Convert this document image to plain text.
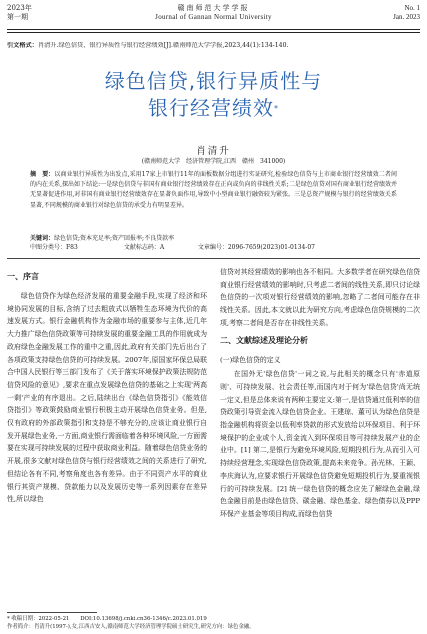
2023年
第一期
赣南师范大学学报
Journal of Gannan Normal University
No. 1
Jan. 2023
引文格式：肖清升.绿色信贷、银行异质性与银行经营绩效[J].赣南师范大学学报,2023,44(1):134-140.
绿色信贷,银行异质性与
银行经营绩效*
肖清升
(赣南师范大学　经济管理学院,江西　赣州　341000)
摘　要：以商业银行异质性为出发点,采用17家上市银行11年的面板数据分组进行实证研究,检验绿色信贷与上市商业银行经营绩效二者间的内在关系,探出如下结论:一是绿色信贷与非国有商业银行经营绩效存在正向或负向的非线性关系;二是绿色信贷对国有商业银行经营绩效并无显著促进作用,对非国有商业银行经营绩效存在显著负面作用,导致中小型商业银行融资较为紧张。三是总资产规模与银行的经营绩效关系显著,不同规模的商业银行对绿色信贷的承受力有明显差异。
关键词：绿色信贷;资本充足率;资产回报率;不良贷款率
中图分类号：F83	文献标志码：A	文章编号：2096-7659(2023)01-0134-07
一、序言

绿色信贷作为绿色经济发展的重要金融手段,实现了经济和环境协同发展的目标,含纳了过去粗放式以牺牲生态环境为代价的高速发展方式。银行金融机构作为金融市场的重要参与主体,近几年大力推广绿色信贷政策等可持续发展的重要金融工具的作用就成为政府绿色金融发展工作的重中之重,因此,政府有关部门先后出台了各项政策支持绿色信贷的可持续发展。2007年,原国家环保总局联合中国人民银行等三部门发布了《关于落实环境保护政策法规防范信贷风险的意见》,要求在重点发展绿色信贷的基础之上实现'两高一剩'产业的有序退出。之后,陆续出台《绿色信贷指引》《能效信贷指引》等政策鼓励商业银行积极主动开展绿色信贷业务。但是,仅有政府的外部政策指引和支持是不够充分的,应该让商业银行自发开展绿色业务,一方面,商业银行需面临着各种环境风险,一方面需要在实现可持续发展的过程中获取商业利益。随着绿色信贷业务的开展,很多文献对绿色信贷与银行经营绩效之间的关系进行了研究,但结论各有不同,考察角度也各有差异。由于不同资产水平的商业银行其资产规模、贷款能力以及发展历史等一系列因素存在差异性,所以绿色

信贷对其经营绩效的影响也各不相同。大多数学者在研究绿色信贷商业银行经营绩效的影响时,只考虑二者间的线性关系,即只讨论绿色信贷的一次项对银行经营绩效的影响,忽略了二者间可能存在非线性关系。因此,本文就以此为研究方向,考虑绿色信贷规模的二次项,考察二者间是否存在非线性关系。

二、文献综述及理论分析
(一)绿色信贷的定义

在国外无'绿色信贷'一词之说,与此相关的概念只有'赤道原则'、可持续发展、社会责任等,而国内对于何为'绿色信贷'尚无统一定义,但是总体来说有两种主要定义:第一,是信贷通过低利率的信贷政策引导资金流入绿色信贷企业。王建琼、董可认为绿色信贷是指金融机构将资金以低利率贷款的形式发放给以环保项目、利于环境保护的企业或个人,资金流入到环保项目等可持续发展产业的企业中。[1] 第二,是银行为避免环境风险,短期投机行为,从而引入可持续经营理念,实现绿色信贷政策,提高未来竞争。孙光林、王颖、李庆海认为,应要求银行开展绿色信贷避免短期投机行为,要重视银行的可持续发展。[2] 统一绿色信贷的概念应先了解绿色金融,绿色金融目前是由绿色信贷、碳金融、绿色基金、绿色债券以及PPP环保产业基金等项目构成,而绿色信贷

* 收稿日期：2022-05-21　　DOI:10.13698/j.cnki.cn36-1346/c.2023.01.019
作者简介：肖清升(1997-),女,江西吉安人,赣南师范大学经济管理学院硕士研究生,研究方向：绿色金融。
